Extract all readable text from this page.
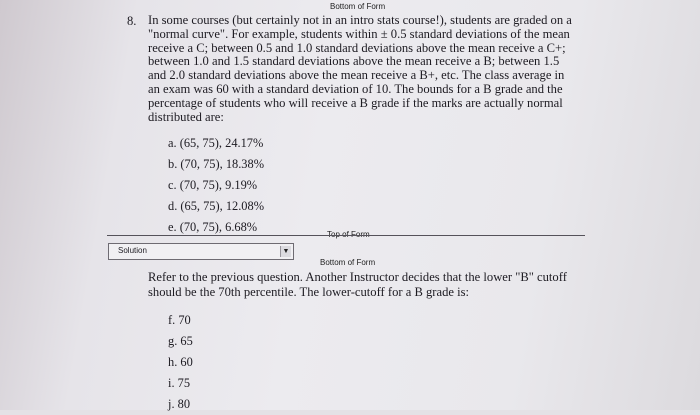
Bottom of Form
8. In some courses (but certainly not in an intro stats course!), students are graded on a "normal curve". For example, students within ± 0.5 standard deviations of the mean receive a C; between 0.5 and 1.0 standard deviations above the mean receive a C+; between 1.0 and 1.5 standard deviations above the mean receive a B; between 1.5 and 2.0 standard deviations above the mean receive a B+, etc. The class average in an exam was 60 with a standard deviation of 10. The bounds for a B grade and the percentage of students who will receive a B grade if the marks are actually normal distributed are:
a. (65, 75), 24.17%
b. (70, 75), 18.38%
c. (70, 75), 9.19%
d. (65, 75), 12.08%
e. (70, 75), 6.68%
Top of Form
Solution	▼
Bottom of Form
Refer to the previous question. Another Instructor decides that the lower "B" cutoff should be the 70th percentile. The lower-cutoff for a B grade is:
f. 70
g. 65
h. 60
i. 75
j. 80
